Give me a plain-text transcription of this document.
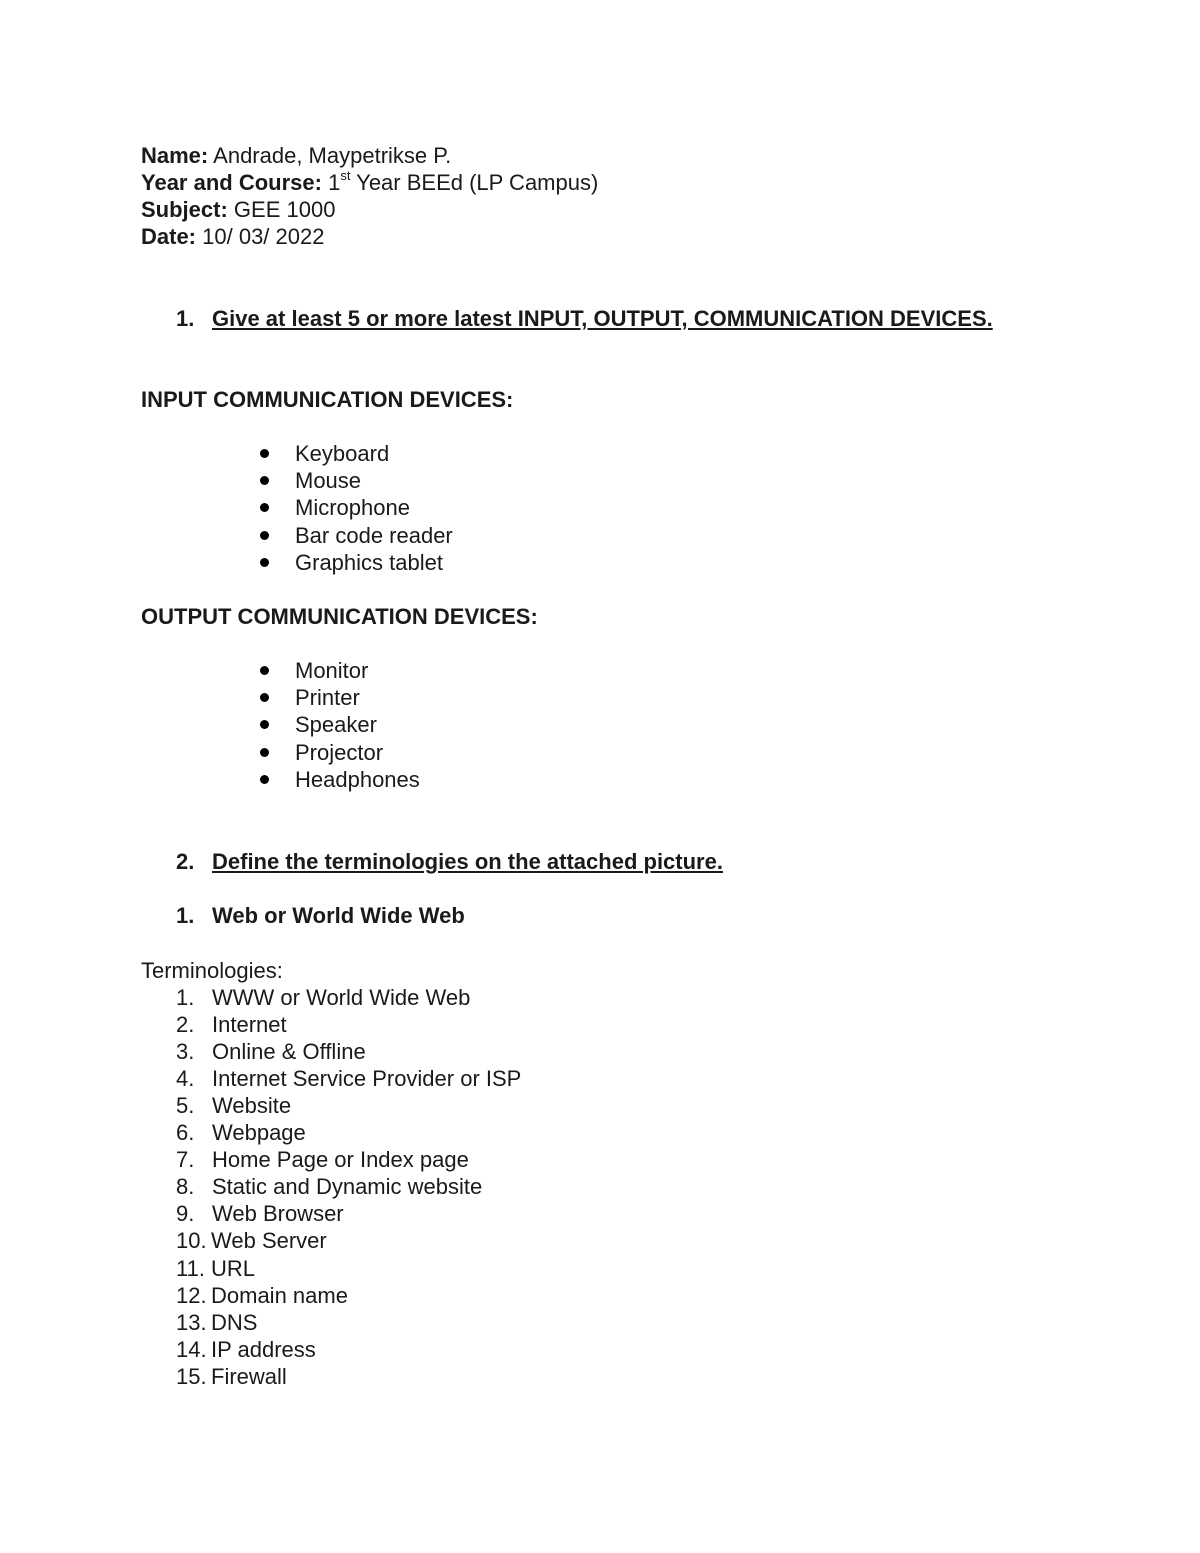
Name: Andrade, Maypetrikse P.
Year and Course: 1st Year BEEd (LP Campus)
Subject: GEE 1000
Date: 10/ 03/ 2022
1. Give at least 5 or more latest INPUT, OUTPUT, COMMUNICATION DEVICES.
INPUT COMMUNICATION DEVICES:
Keyboard
Mouse
Microphone
Bar code reader
Graphics tablet
OUTPUT COMMUNICATION DEVICES:
Monitor
Printer
Speaker
Projector
Headphones
2. Define the terminologies on the attached picture.
1. Web or World Wide Web
Terminologies:
1. WWW or World Wide Web
2. Internet
3. Online & Offline
4. Internet Service Provider or ISP
5. Website
6. Webpage
7. Home Page or Index page
8. Static and Dynamic website
9. Web Browser
10. Web Server
11. URL
12. Domain name
13. DNS
14. IP address
15. Firewall
